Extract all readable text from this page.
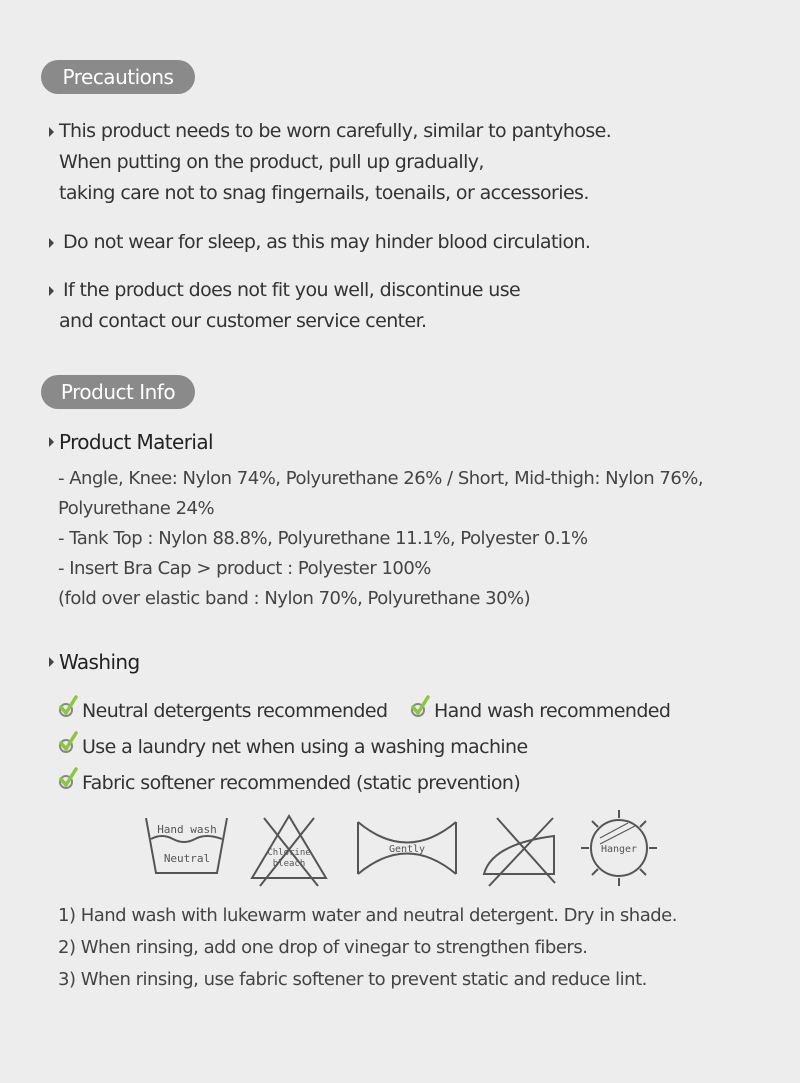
Precautions
This product needs to be worn carefully, similar to pantyhose.
When putting on the product, pull up gradually,
taking care not to snag fingernails, toenails, or accessories.
Do not wear for sleep, as this may hinder blood circulation.
If the product does not fit you well, discontinue use
and contact our customer service center.
Product Info
Product Material
- Angle, Knee: Nylon 74%, Polyurethane 26% / Short, Mid-thigh: Nylon 76%,
Polyurethane 24%
- Tank Top : Nylon 88.8%, Polyurethane 11.1%, Polyester 0.1%
- Insert Bra Cap > product : Polyester 100%
(fold over elastic band : Nylon 70%, Polyurethane 30%)
Washing
Neutral detergents recommended	Hand wash recommended
Use a laundry net when using a washing machine
Fabric softener recommended (static prevention)
Hand wash
Neutral	Chlorine
bleach
Gently	Hanger
1) Hand wash with lukewarm water and neutral detergent. Dry in shade.
2) When rinsing, add one drop of vinegar to strengthen fibers.
3) When rinsing, use fabric softener to prevent static and reduce lint.
